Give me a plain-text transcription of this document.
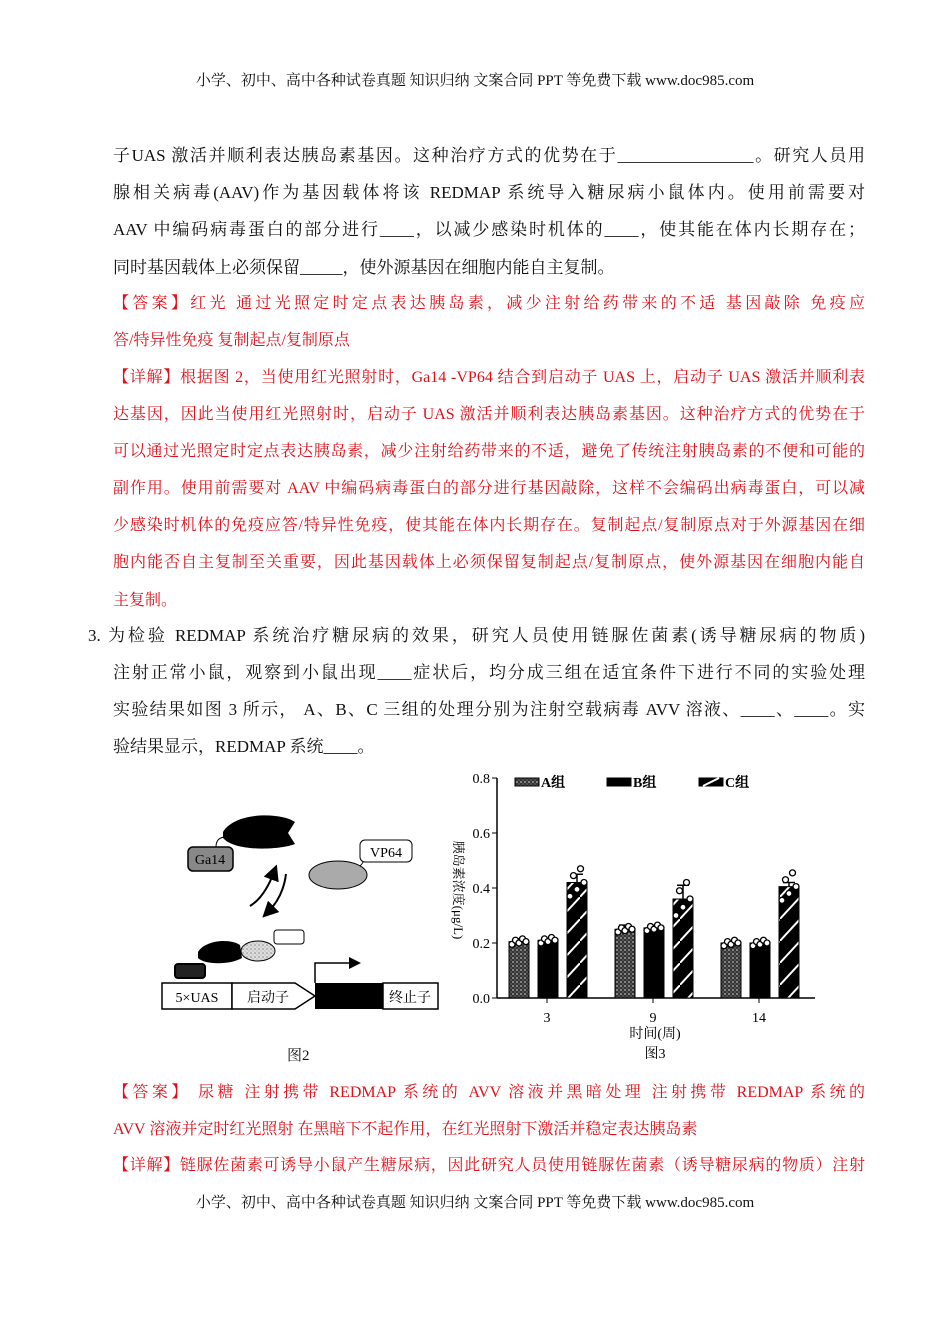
小学、初中、高中各种试卷真题 知识归纳 文案合同 PPT 等免费下载 www.doc985.com
子UAS 激活并顺利表达胰岛素基因。这种治疗方式的优势在于________________。研究人员用
腺相关病毒(AAV)作为基因载体将该 REDMAP 系统导入糖尿病小鼠体内。使用前需要对
AAV 中编码病毒蛋白的部分进行____，以减少感染时机体的____，使其能在体内长期存在；
同时基因载体上必须保留_____，使外源基因在细胞内能自主复制。
【答案】红光 通过光照定时定点表达胰岛素，减少注射给药带来的不适 基因敲除 免疫应
答/特异性免疫 复制起点/复制原点
【详解】根据图 2，当使用红光照射时，Ga14 -VP64 结合到启动子 UAS 上，启动子 UAS 激活并顺利表
达基因，因此当使用红光照射时，启动子 UAS 激活并顺利表达胰岛素基因。这种治疗方式的优势在于
可以通过光照定时定点表达胰岛素，减少注射给药带来的不适，避免了传统注射胰岛素的不便和可能的
副作用。使用前需要对 AAV 中编码病毒蛋白的部分进行基因敲除，这样不会编码出病毒蛋白，可以减
少感染时机体的免疫应答/特异性免疫，使其能在体内长期存在。复制起点/复制原点对于外源基因在细
胞内能否自主复制至关重要，因此基因载体上必须保留复制起点/复制原点，使外源基因在细胞内能自
主复制。
3. 为检验 REDMAP 系统治疗糖尿病的效果，研究人员使用链脲佐菌素(诱导糖尿病的物质)
注射正常小鼠，观察到小鼠出现____症状后，均分成三组在适宜条件下进行不同的实验处理
实验结果如图 3 所示， A、B、C 三组的处理分别为注射空载病毒 AVV 溶液、____、____。实
验结果显示，REDMAP 系统____。
Ga14	VP64
5×UAS 启动子	终止子
图2
0.0
0.2
0.4
0.6
0.8
3	9	14
A组	B组	C组
时间(周)
图3
胰岛素浓度(μg/L)
【答案】 尿糖 注射携带 REDMAP 系统的 AVV 溶液并黑暗处理 注射携带 REDMAP 系统的
AVV 溶液并定时红光照射 在黑暗下不起作用，在红光照射下激活并稳定表达胰岛素
【详解】链脲佐菌素可诱导小鼠产生糖尿病，因此研究人员使用链脲佐菌素（诱导糖尿病的物质）注射
小学、初中、高中各种试卷真题 知识归纳 文案合同 PPT 等免费下载 www.doc985.com
